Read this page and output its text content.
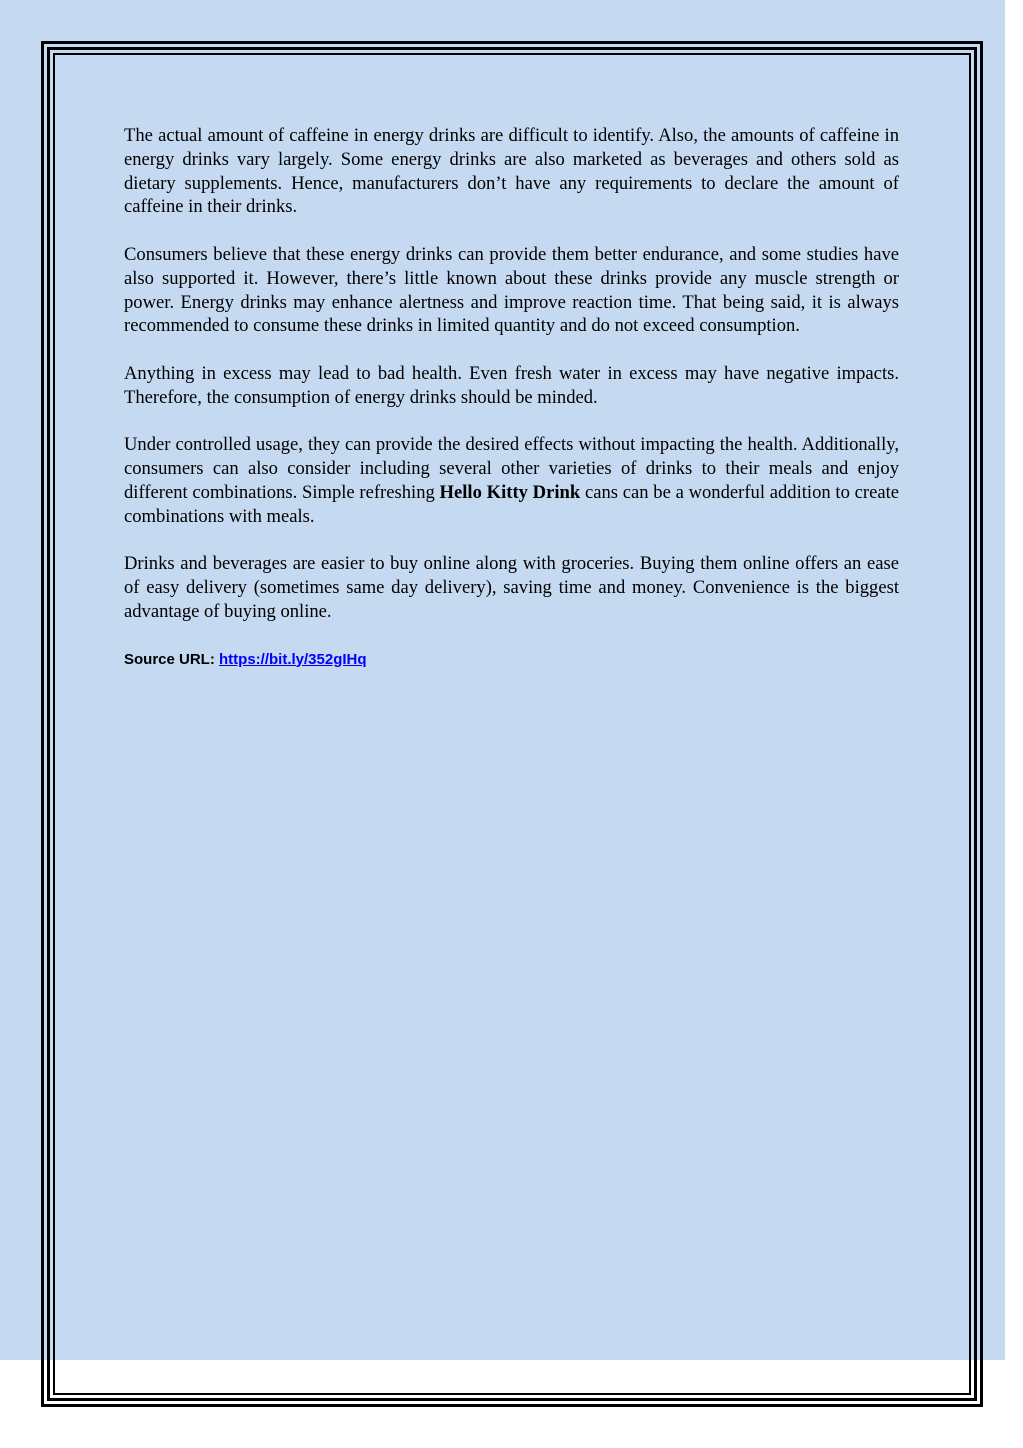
The actual amount of caffeine in energy drinks are difficult to identify. Also, the amounts of caffeine in energy drinks vary largely. Some energy drinks are also marketed as beverages and others sold as dietary supplements. Hence, manufacturers don’t have any requirements to declare the amount of caffeine in their drinks.

Consumers believe that these energy drinks can provide them better endurance, and some studies have also supported it. However, there’s little known about these drinks provide any muscle strength or power. Energy drinks may enhance alertness and improve reaction time. That being said, it is always recommended to consume these drinks in limited quantity and do not exceed consumption.

Anything in excess may lead to bad health. Even fresh water in excess may have negative impacts. Therefore, the consumption of energy drinks should be minded.

Under controlled usage, they can provide the desired effects without impacting the health. Additionally, consumers can also consider including several other varieties of drinks to their meals and enjoy different combinations. Simple refreshing Hello Kitty Drink cans can be a wonderful addition to create combinations with meals.

Drinks and beverages are easier to buy online along with groceries. Buying them online offers an ease of easy delivery (sometimes same day delivery), saving time and money. Convenience is the biggest advantage of buying online.

Source URL: https://bit.ly/352gIHq
